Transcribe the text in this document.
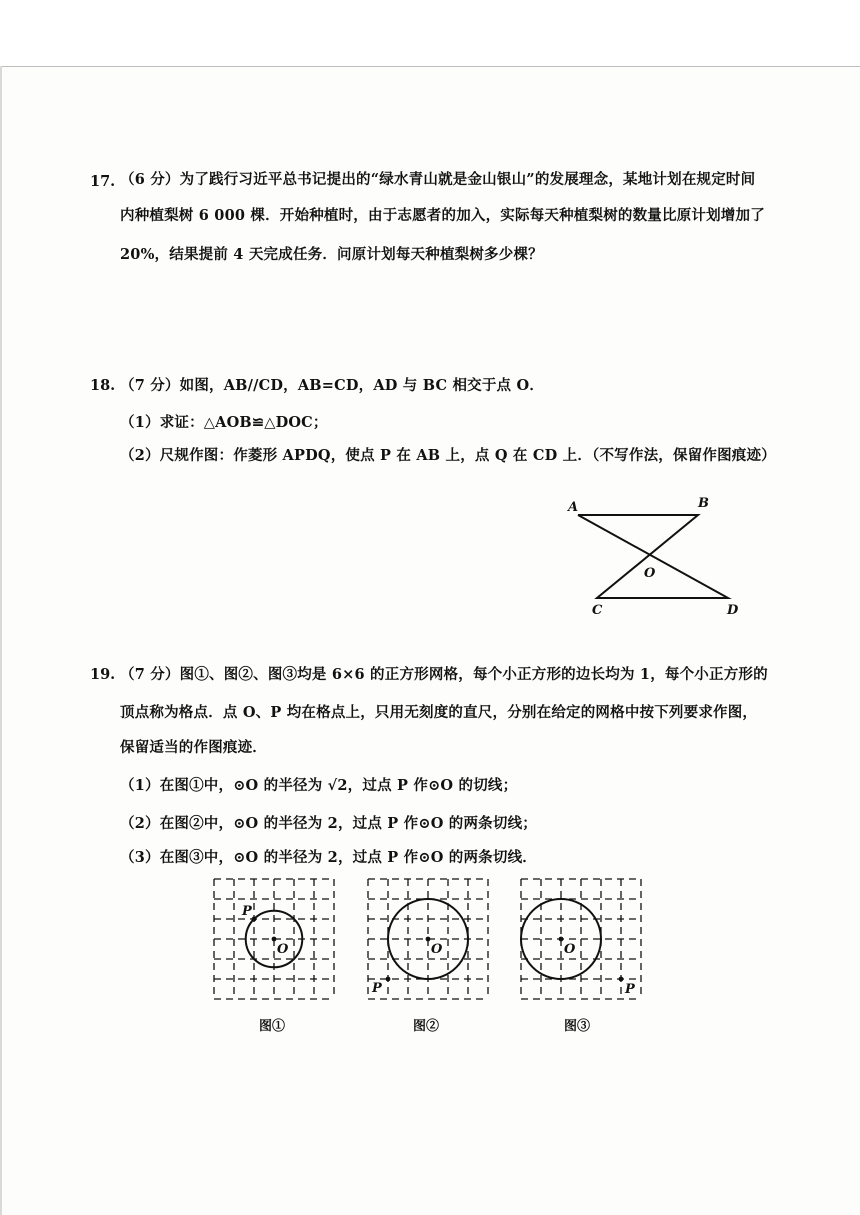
17. （6 分）为了践行习近平总书记提出的“绿水青山就是金山银山”的发展理念，某地计划在规定时间
内种植梨树 6 000 棵．开始种植时，由于志愿者的加入，实际每天种植梨树的数量比原计划增加了
20%，结果提前 4 天完成任务．问原计划每天种植梨树多少棵？
18. （7 分）如图，AB//CD，AB=CD，AD 与 BC 相交于点 O．
（1）求证：△AOB≌△DOC；
（2）尺规作图：作菱形 APDQ，使点 P 在 AB 上，点 Q 在 CD 上．（不写作法，保留作图痕迹）
A	B
O
C	D
19. （7 分）图①、图②、图③均是 6×6 的正方形网格，每个小正方形的边长均为 1，每个小正方形的
顶点称为格点．点 O、P 均在格点上，只用无刻度的直尺，分别在给定的网格中按下列要求作图，
保留适当的作图痕迹．
（1）在图①中，⊙O 的半径为 √2，过点 P 作⊙O 的切线；
（2）在图②中，⊙O 的半径为 2，过点 P 作⊙O 的两条切线；
（3）在图③中，⊙O 的半径为 2，过点 P 作⊙O 的两条切线．
O
P
O
P
O
P
图①	图②	图③
